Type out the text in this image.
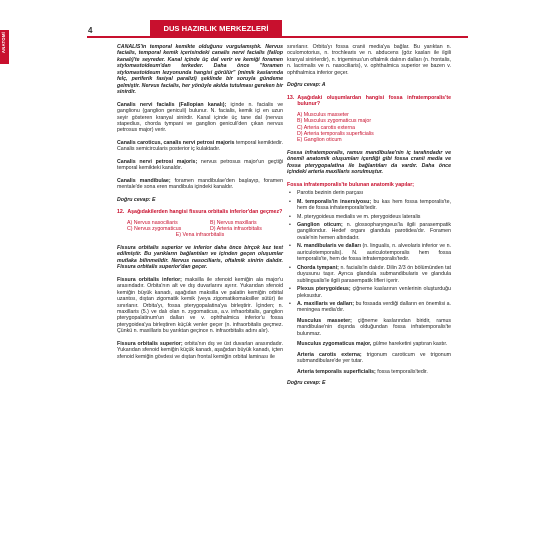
ANATOMİ
4	DUS HAZIRLIK MERKEZLERİ

CANALIS'in temporal kemikte olduğunu vurgulamıştık. Nervus facialis, temporal kemik içerisindeki canalis nervi facialis (fallop kanalı)'te seyreder. Kanal içinde üç dal verir ve kemiği foramen stylomastoideum'dan terkeder. Daha önce "foramen stylomastoideum lezyonunda hangisi görülür" (mimik kaslarında felç, periferik fasiyal paralizi) şeklinde bir soruyla gündeme gelmiştir. Nervus facialis, her yönüyle akılda tutulması gereken bir sinirdir.

Canalis nervi facialis (Fallopian kanalı); içinde n. facialis ve ganglionu (ganglion geniculi) bulunur. N. facialis, kemik içi en uzun seyir gösteren kranyal sinirdir. Kanal içinde üç tane dal (nervus stapedius, chorda tympani ve ganglion geniculi'den çıkan nervus petrosus major) verir.

Canalis caroticus, canalis nervi petrosi majoris temporal kemiktedir. Canalis semicircularis posterior iç kulaktadır.

Canalis nervi petrosi majoris; nervus petrosus major'un geçtiği temporal kemikteki kanaldır.

Canalis mandibulae; foramen mandibulae'den başlayıp, foramen mentale'de sona eren mandibula içindeki kanaldır.

Doğru cevap: E
12. Aşağıdakilerden hangisi fissura orbitalis inferior'dan geçmez?
A) Nervus nasociliaris	B) Nervus maxillaris
C) Nervus zygomaticus	D) Arteria infraorbitalis
E) Vena infraorbitalis

Fissura orbitalis superior ve inferior daha önce birçok kez test edilmiştir. Bu yarıkların bağlantıları ve içinden geçen oluşumlar mutlaka bilinmelidir. Nervus nasociliaris, oftalmik sinirin dalıdır. Fissura orbitalis superior'dan geçer.

Fissura orbitalis inferior; maksilla ile sfenoid kemiğin ala major'u arasındadır. Orbita'nın alt ve dış duvarlarını ayırır. Yukarıdan sfenoid kemiğin büyük kanadı, aşağıdan maksilla ve palatin kemiğin orbital uzantısı, dıştan zigomatik kemik (veya zigomatikomaksiller sütür) ile sınırlanır. Orbita'yı, fossa pterygopalatina'ya birleştirir. İçinden; n. maxillaris (5.) ve dalı olan n. zygomaticus, a.v. infraorbitalis, ganglion pterygopalatinum'un dalları ve v. ophthalmica inferior'u fossa pterygoidea'ya birleştiren küçük venler geçer (n. infraorbitalis geçmez. Çünkü n. maxillaris bu yarıktan geçince n. infraorbitalis adını alır).

Fissura orbitalis superior; orbita'nın dış ve üst duvarları arasındadır. Yukarıdan sfenoid kemiğin küçük kanadı, aşağıdan büyük kanadı, içten sfenoid kemiğin gövdesi ve dıştan frontal kemiğin orbital laminası ile

sınırlanır. Orbita'yı fossa cranii media'ya bağlar. Bu yarıktan n. oculomotorius, n. trochlearis ve n. abducens (göz kasları ile ilgili kranyal sinirlerdir), n. trigeminus'un oftalmik dalının dalları (n. frontalis, n. lacrimalis ve n. nasociliaris), v. ophthalmica superior ve bazen v. ophthalmica inferior geçer.

Doğru cevap: A
13. Aşağıdaki oluşumlardan hangisi fossa infratemporalis'te bulunur?
A) Musculus masseter
B) Musculus zygomaticus major
C) Arteria carotis externa
D) Arteria temporalis superficialis
E) Ganglion oticum

Fossa infratemporalis, ramus mandibulae'nin iç tarafındadır ve önemli anatomik oluşumları içerdiği gibi fossa cranii media ve fossa pterygopalatina ile bağlantıları da vardır. Daha önce içindeki arteria maxillaris sorulmuştur.

Fossa infratemporalis'te bulunan anatomik yapılar;
• Parotis bezinin derin parçası
• M. temporalis'in insersiyosu; bu kas hem fossa temporalis'te, hem de fossa infratemporalis'tedir.
• M. pterygoideus medialis ve m. pterygoideus lateralis
• Ganglion oticum; n. glossopharyngeus'la ilgili parasempatik ganglilondur. Hedef organı glandula parotidea'dır. Foramen ovale'nin hemen altındadır.
• N. mandibularis ve dalları (n. lingualis, n. alveolaris inferior ve n. auriculotemporalis). N. auriculotemporalis hem fossa temporalis'te, hem de fossa infratemporalis'tedir.
• Chorda tympani; n. facialis'in dalıdır. Dilin 2/3 ön bölümünden tat duyusunu taşır. Ayrıca glandula submandibularis ve glandula sublingualis'le ilgili parasempatik lifleri içerir.
• Plexus pterygoideus; çiğneme kaslarının venlerinin oluşturduğu pleksustur.
• A. maxillaris ve dalları; bu fossada verdiği dalların en önemlisi a. meningea media'dır.

Musculus masseter; çiğneme kaslarından biridir, ramus mandibulae'nin dışında olduğundan fossa infratemporalis'te bulunmaz.

Musculus zygomaticus major, gülme hareketini yaptıran kastır.

Arteria carotis externa; trigonum caroticum ve trigonum submandibulare'de yer tutar.

Arteria temporalis superficialis; fossa temporalis'tedir.

Doğru cevap: E
